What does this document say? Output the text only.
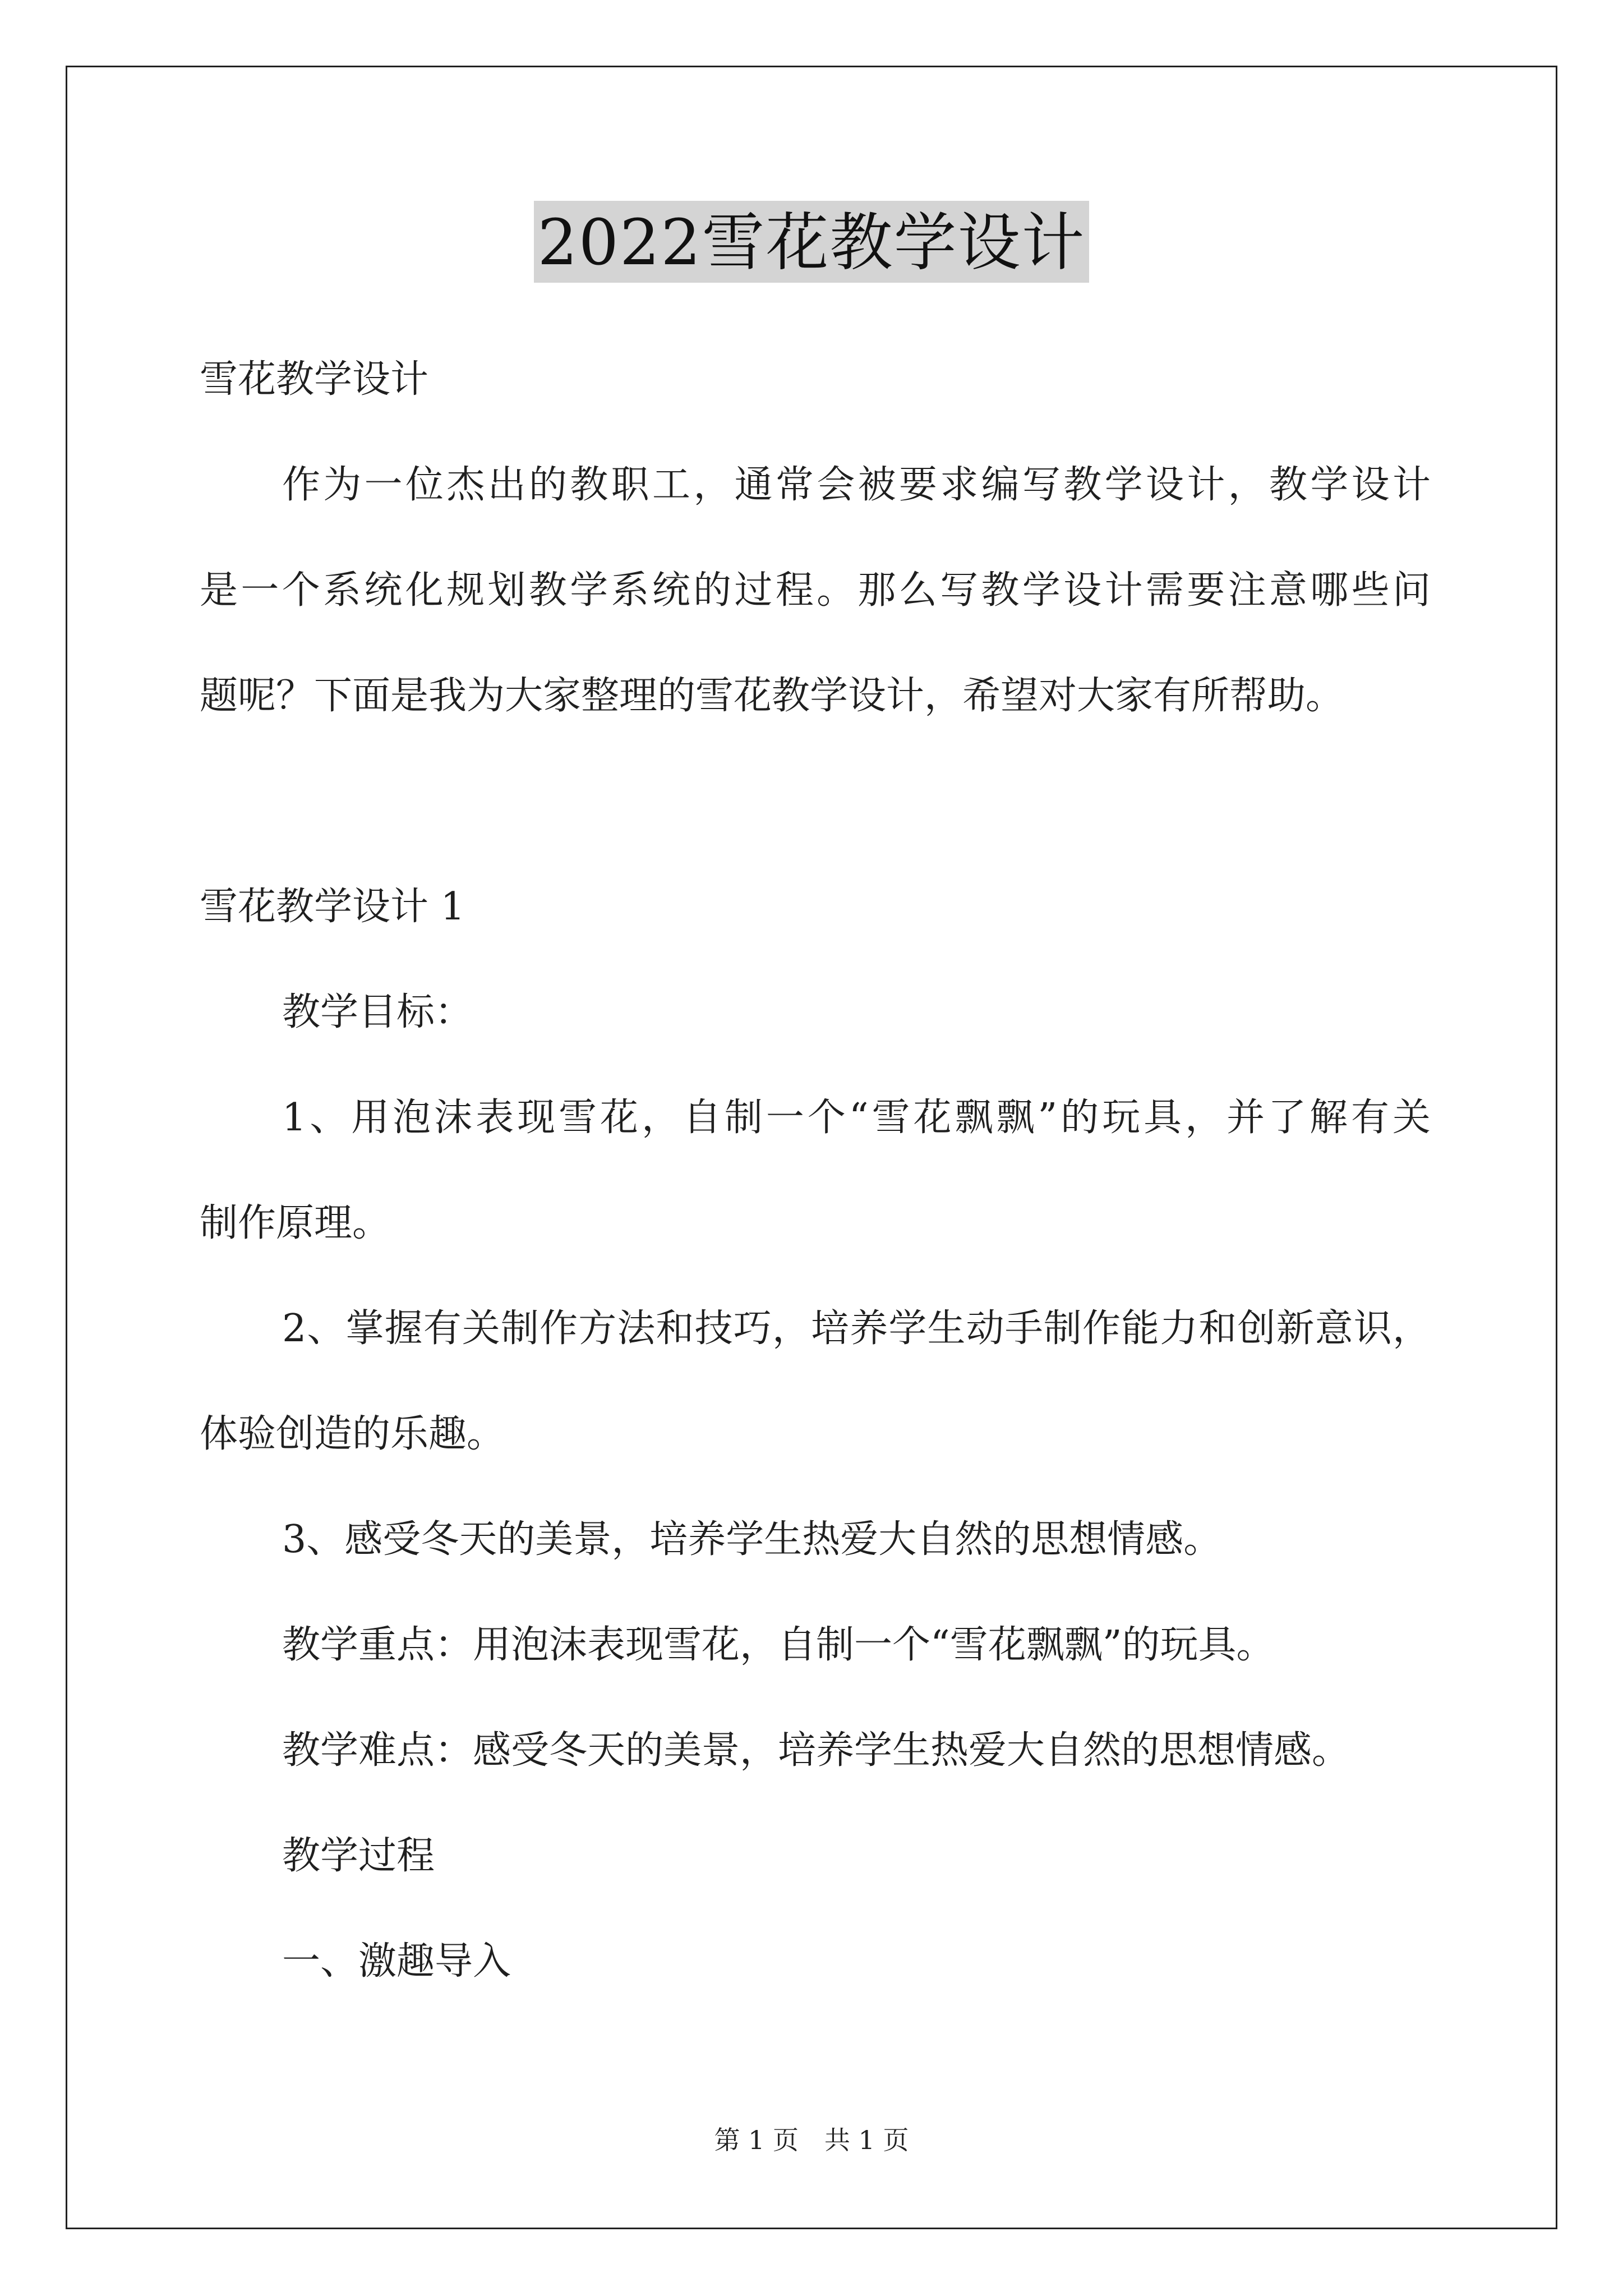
2022雪花教学设计
雪花教学设计
作为一位杰出的教职工，通常会被要求编写教学设计，教学设计
是一个系统化规划教学系统的过程。那么写教学设计需要注意哪些问
题呢？下面是我为大家整理的雪花教学设计，希望对大家有所帮助。
雪花教学设计 1
教学目标：
1、用泡沫表现雪花，自制一个“雪花飘飘”的玩具，并了解有关
制作原理。
2、掌握有关制作方法和技巧，培养学生动手制作能力和创新意识，
体验创造的乐趣。
3、感受冬天的美景，培养学生热爱大自然的思想情感。
教学重点：用泡沫表现雪花，自制一个“雪花飘飘”的玩具。
教学难点：感受冬天的美景，培养学生热爱大自然的思想情感。
教学过程
一、激趣导入
第 1 页　共 1 页
